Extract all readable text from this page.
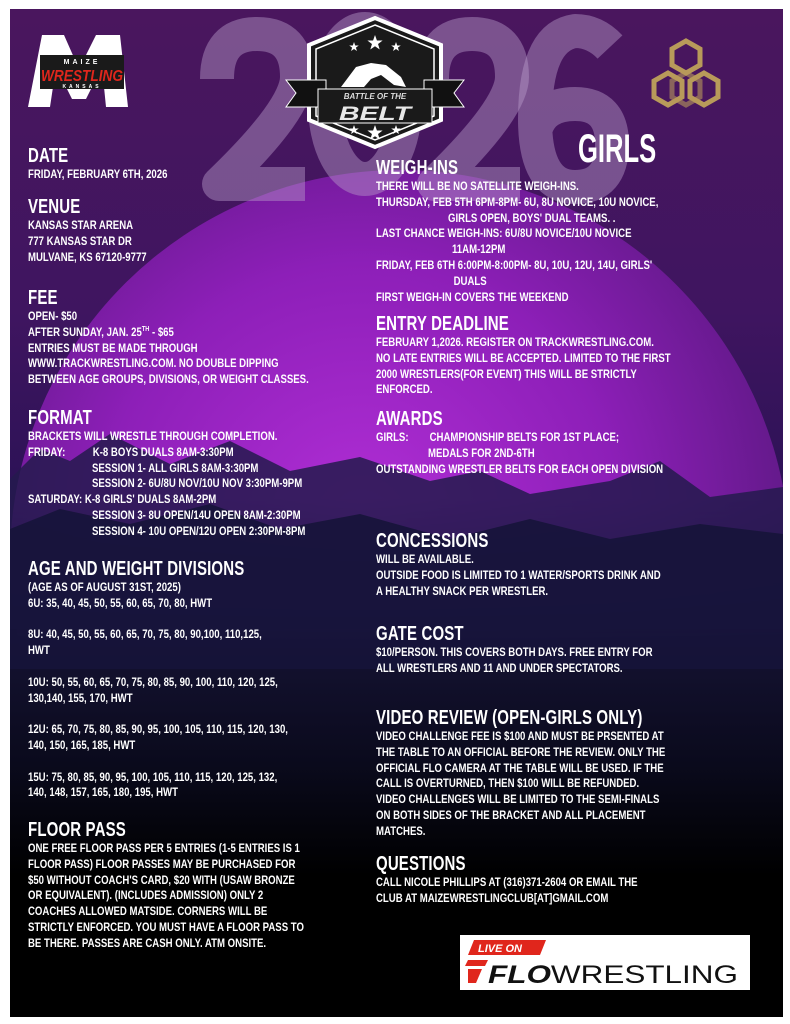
MAIZE
WRESTLING
KANSAS
BATTLE OF THE
BELT
GIRLS
DATE
FRIDAY, FEBRUARY 6TH, 2026
VENUE
KANSAS STAR ARENA
777 KANSAS STAR DR
MULVANE, KS 67120-9777
FEE
OPEN- $50
AFTER SUNDAY, JAN. 25TH - $65
ENTRIES MUST BE MADE THROUGH
WWW.TRACKWRESTLING.COM. NO DOUBLE DIPPING
BETWEEN AGE GROUPS, DIVISIONS, OR WEIGHT CLASSES.
FORMAT
BRACKETS WILL WRESTLE THROUGH COMPLETION.
FRIDAY: K-8 BOYS DUALS 8AM-3:30PM
SESSION 1- ALL GIRLS 8AM-3:30PM
SESSION 2- 6U/8U NOV/10U NOV 3:30PM-9PM
SATURDAY: K-8 GIRLS' DUALS 8AM-2PM
SESSION 3- 8U OPEN/14U OPEN 8AM-2:30PM
SESSION 4- 10U OPEN/12U OPEN 2:30PM-8PM
AGE AND WEIGHT DIVISIONS
(AGE AS OF AUGUST 31ST, 2025)
6U: 35, 40, 45, 50, 55, 60, 65, 70, 80, HWT
8U: 40, 45, 50, 55, 60, 65, 70, 75, 80, 90,100, 110,125,
HWT
10U: 50, 55, 60, 65, 70, 75, 80, 85, 90, 100, 110, 120, 125,
130,140, 155, 170, HWT
12U: 65, 70, 75, 80, 85, 90, 95, 100, 105, 110, 115, 120, 130,
140, 150, 165, 185, HWT
15U: 75, 80, 85, 90, 95, 100, 105, 110, 115, 120, 125, 132,
140, 148, 157, 165, 180, 195, HWT
FLOOR PASS
ONE FREE FLOOR PASS PER 5 ENTRIES (1-5 ENTRIES IS 1
FLOOR PASS) FLOOR PASSES MAY BE PURCHASED FOR
$50 WITHOUT COACH'S CARD, $20 WITH (USAW BRONZE
OR EQUIVALENT). (INCLUDES ADMISSION) ONLY 2
COACHES ALLOWED MATSIDE. CORNERS WILL BE
STRICTLY ENFORCED. YOU MUST HAVE A FLOOR PASS TO
BE THERE. PASSES ARE CASH ONLY. ATM ONSITE.
WEIGH-INS
THERE WILL BE NO SATELLITE WEIGH-INS.
THURSDAY, FEB 5TH 6PM-8PM- 6U, 8U NOVICE, 10U NOVICE,
GIRLS OPEN, BOYS' DUAL TEAMS. .
LAST CHANCE WEIGH-INS: 6U/8U NOVICE/10U NOVICE
11AM-12PM
FRIDAY, FEB 6TH 6:00PM-8:00PM- 8U, 10U, 12U, 14U, GIRLS'
DUALS
FIRST WEIGH-IN COVERS THE WEEKEND
ENTRY DEADLINE
FEBRUARY 1,2026. REGISTER ON TRACKWRESTLING.COM.
NO LATE ENTRIES WILL BE ACCEPTED. LIMITED TO THE FIRST
2000 WRESTLERS(FOR EVENT) THIS WILL BE STRICTLY
ENFORCED.
AWARDS
GIRLS: CHAMPIONSHIP BELTS FOR 1ST PLACE;
MEDALS FOR 2ND-6TH
OUTSTANDING WRESTLER BELTS FOR EACH OPEN DIVISION
CONCESSIONS
WILL BE AVAILABLE.
OUTSIDE FOOD IS LIMITED TO 1 WATER/SPORTS DRINK AND
A HEALTHY SNACK PER WRESTLER.
GATE COST
$10/PERSON. THIS COVERS BOTH DAYS. FREE ENTRY FOR
ALL WRESTLERS AND 11 AND UNDER SPECTATORS.
VIDEO REVIEW (OPEN-GIRLS ONLY)
VIDEO CHALLENGE FEE IS $100 AND MUST BE PRSENTED AT
THE TABLE TO AN OFFICIAL BEFORE THE REVIEW. ONLY THE
OFFICIAL FLO CAMERA AT THE TABLE WILL BE USED. IF THE
CALL IS OVERTURNED, THEN $100 WILL BE REFUNDED.
VIDEO CHALLENGES WILL BE LIMITED TO THE SEMI-FINALS
ON BOTH SIDES OF THE BRACKET AND ALL PLACEMENT
MATCHES.
QUESTIONS
CALL NICOLE PHILLIPS AT (316)371-2604 OR EMAIL THE
CLUB AT MAIZEWRESTLINGCLUB[AT]GMAIL.COM
LIVE ON
FLO WRESTLING
